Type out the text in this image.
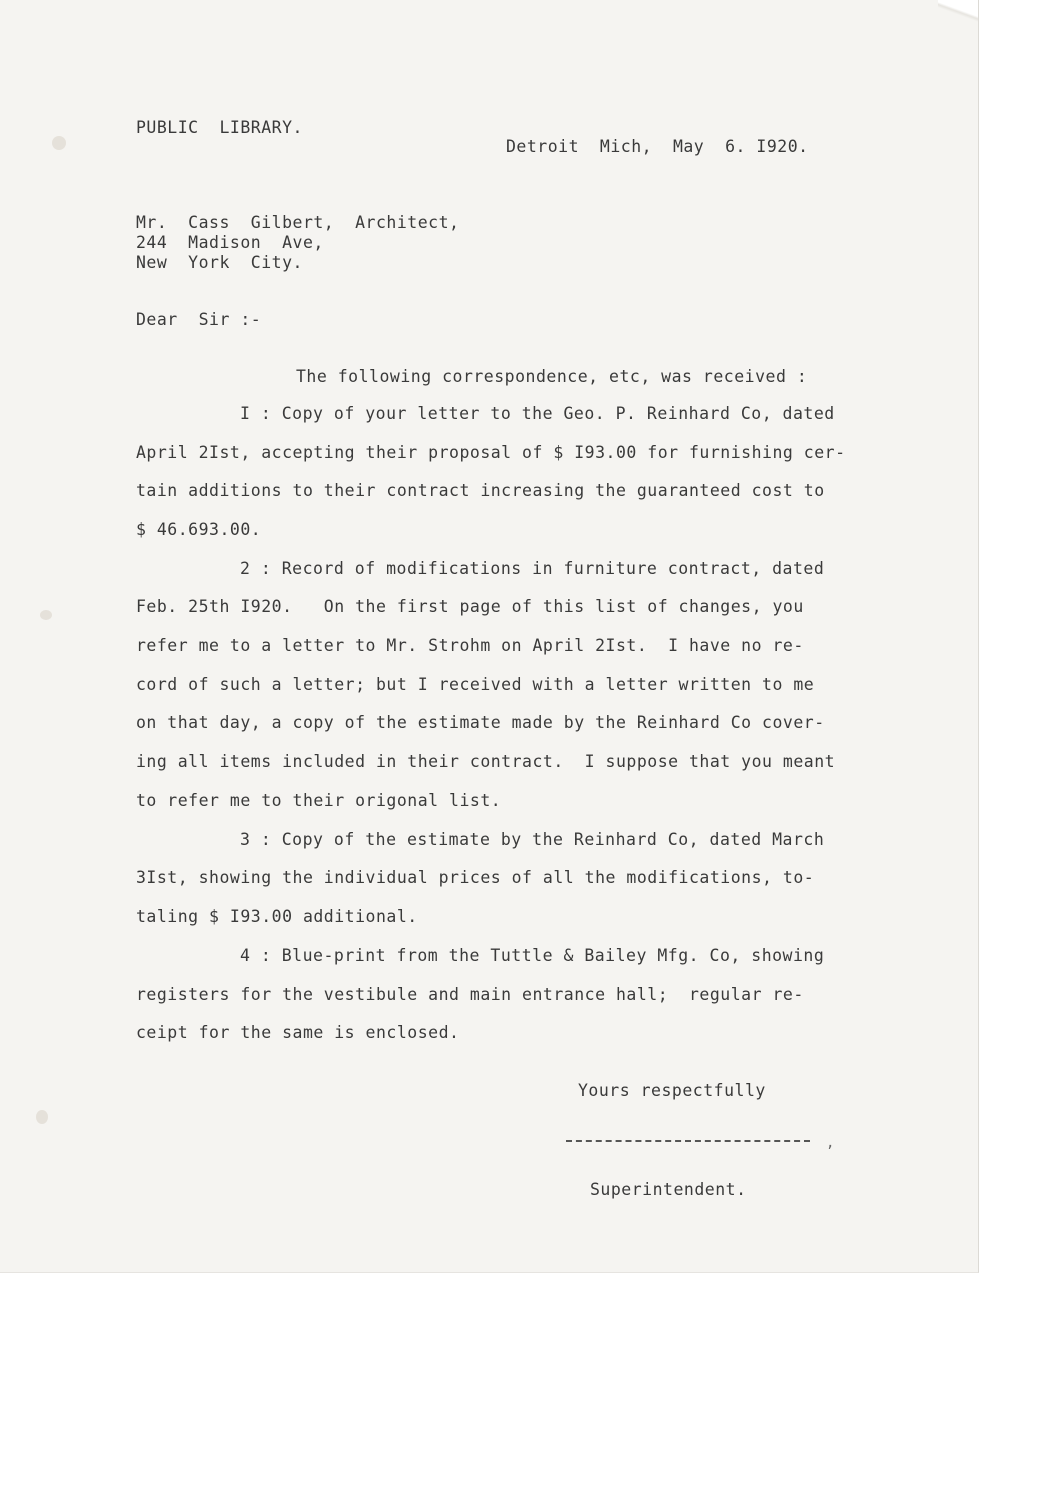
PUBLIC  LIBRARY.
Detroit  Mich,  May  6. I920.
Mr.  Cass  Gilbert,  Architect,
244  Madison  Ave,
New  York  City.
Dear  Sir :-
The following correspondence, etc, was received :
I : Copy of your letter to the Geo. P. Reinhard Co, dated
April 2Ist, accepting their proposal of $ I93.00 for furnishing cer-
tain additions to their contract increasing the guaranteed cost to
$ 46.693.00.
2 : Record of modifications in furniture contract, dated
Feb. 25th I920.   On the first page of this list of changes, you
refer me to a letter to Mr. Strohm on April 2Ist.  I have no re-
cord of such a letter; but I received with a letter written to me
on that day, a copy of the estimate made by the Reinhard Co cover-
ing all items included in their contract.  I suppose that you meant
to refer me to their origonal list.
3 : Copy of the estimate by the Reinhard Co, dated March
3Ist, showing the individual prices of all the modifications, to-
taling $ I93.00 additional.
4 : Blue-print from the Tuttle & Bailey Mfg. Co, showing
registers for the vestibule and main entrance hall;  regular re-
ceipt for the same is enclosed.
Yours respectfully
,
Superintendent.
